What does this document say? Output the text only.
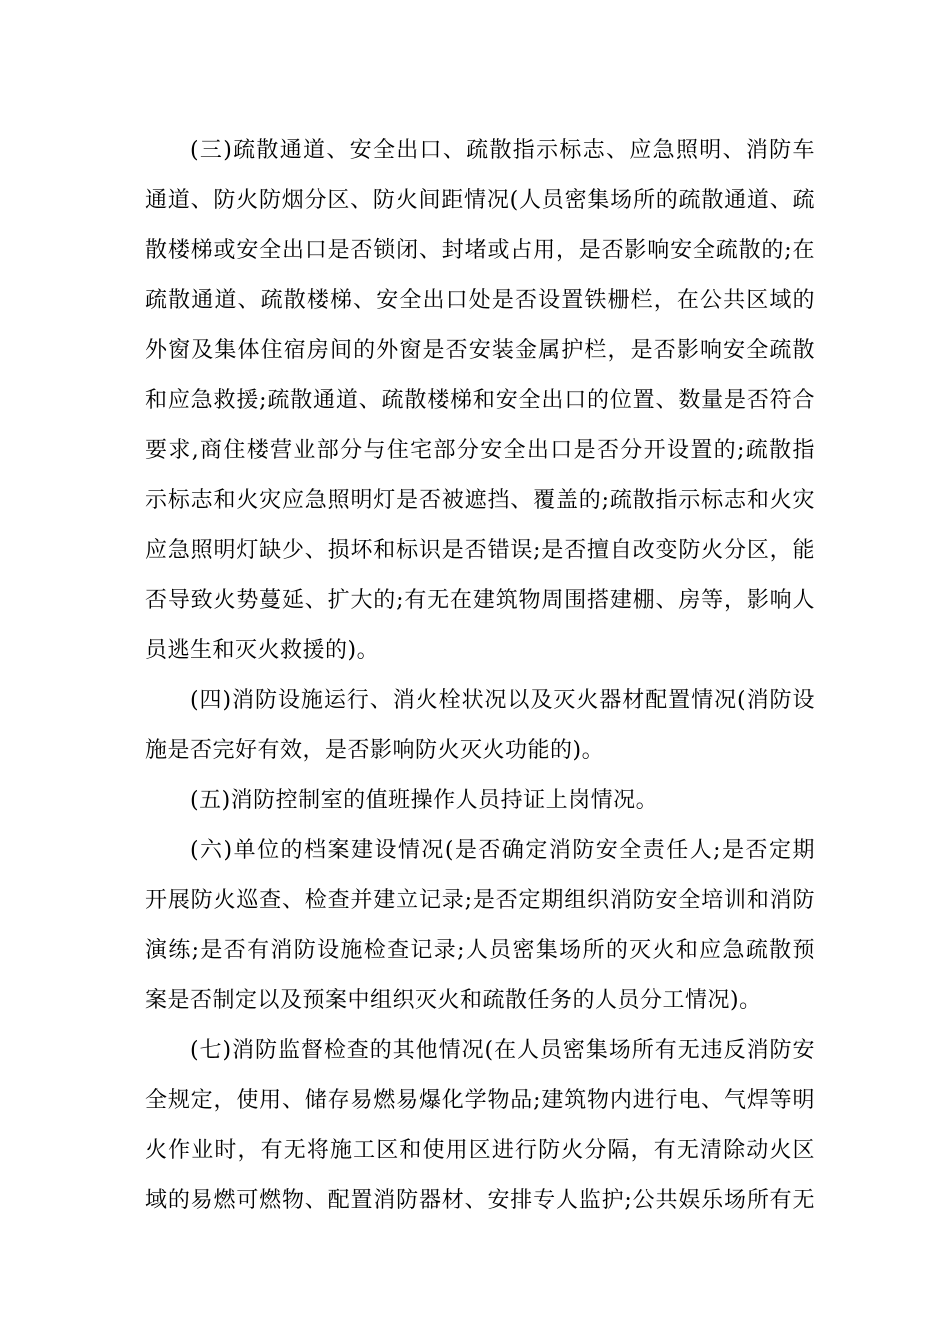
(三)疏散通道、安全出口、疏散指示标志、应急照明、消防车
通道、防火防烟分区、防火间距情况(人员密集场所的疏散通道、疏
散楼梯或安全出口是否锁闭、封堵或占用，是否影响安全疏散的;在
疏散通道、疏散楼梯、安全出口处是否设置铁栅栏，在公共区域的
外窗及集体住宿房间的外窗是否安装金属护栏，是否影响安全疏散
和应急救援;疏散通道、疏散楼梯和安全出口的位置、数量是否符合
要求,商住楼营业部分与住宅部分安全出口是否分开设置的;疏散指
示标志和火灾应急照明灯是否被遮挡、覆盖的;疏散指示标志和火灾
应急照明灯缺少、损坏和标识是否错误;是否擅自改变防火分区，能
否导致火势蔓延、扩大的;有无在建筑物周围搭建棚、房等，影响人
员逃生和灭火救援的)。
(四)消防设施运行、消火栓状况以及灭火器材配置情况(消防设
施是否完好有效，是否影响防火灭火功能的)。
(五)消防控制室的值班操作人员持证上岗情况。
(六)单位的档案建设情况(是否确定消防安全责任人;是否定期
开展防火巡查、检查并建立记录;是否定期组织消防安全培训和消防
演练;是否有消防设施检查记录;人员密集场所的灭火和应急疏散预
案是否制定以及预案中组织灭火和疏散任务的人员分工情况)。
(七)消防监督检查的其他情况(在人员密集场所有无违反消防安
全规定，使用、储存易燃易爆化学物品;建筑物内进行电、气焊等明
火作业时，有无将施工区和使用区进行防火分隔，有无清除动火区
域的易燃可燃物、配置消防器材、安排专人监护;公共娱乐场所有无
